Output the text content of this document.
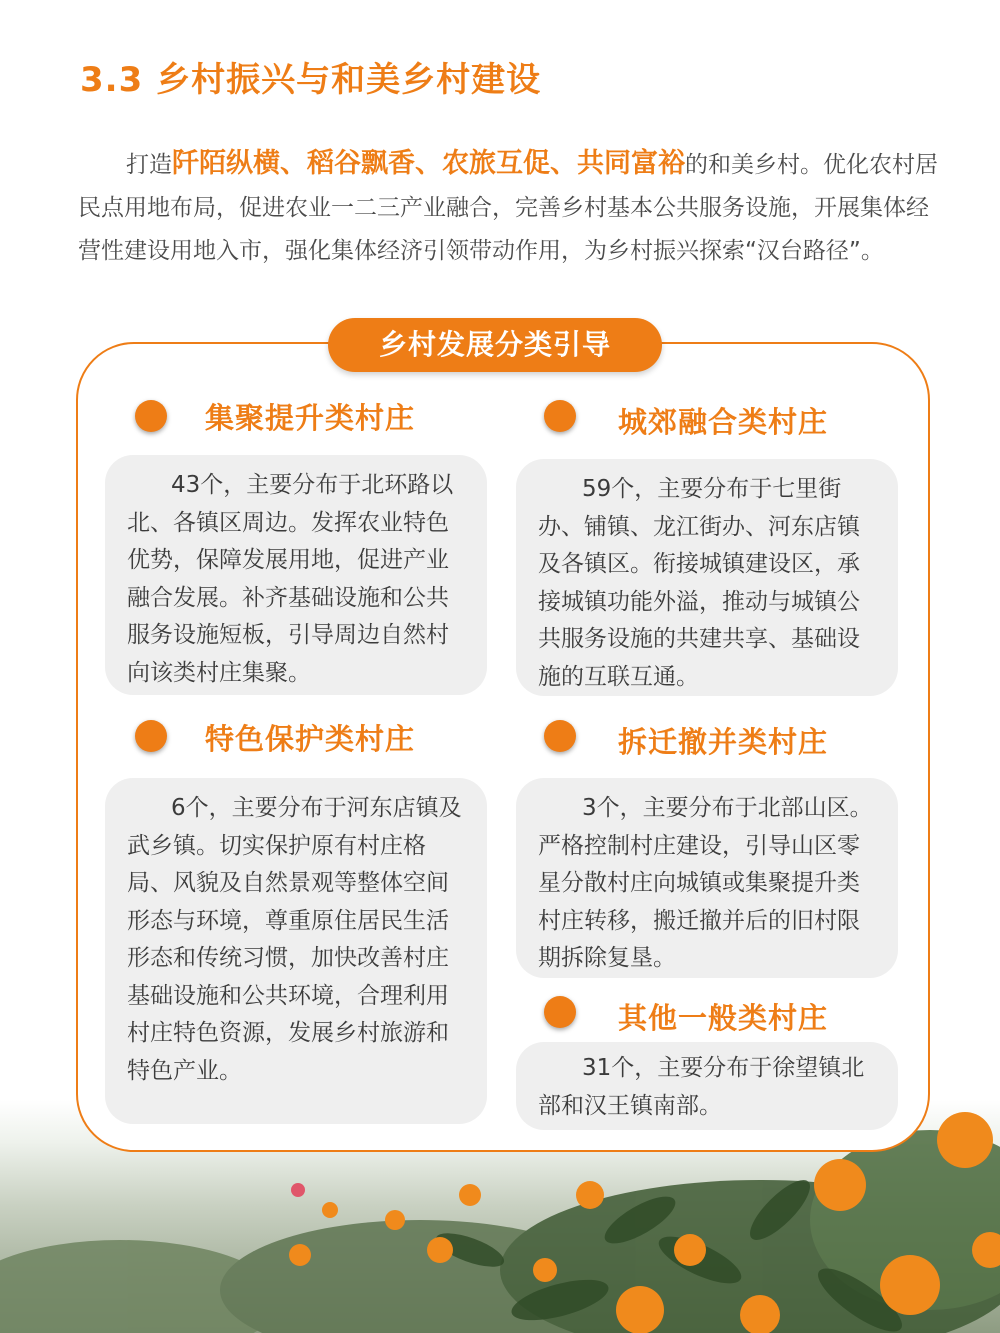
3.3 乡村振兴与和美乡村建设
打造阡陌纵横、稻谷飘香、农旅互促、共同富裕的和美乡村。优化农村居民点用地布局，促进农业一二三产业融合，完善乡村基本公共服务设施，开展集体经营性建设用地入市，强化集体经济引领带动作用，为乡村振兴探索“汉台路径”。
乡村发展分类引导
集聚提升类村庄
43个，主要分布于北环路以北、各镇区周边。发挥农业特色优势，保障发展用地，促进产业融合发展。补齐基础设施和公共服务设施短板，引导周边自然村向该类村庄集聚。
城郊融合类村庄
59个，主要分布于七里街办、铺镇、龙江街办、河东店镇及各镇区。衔接城镇建设区，承接城镇功能外溢，推动与城镇公共服务设施的共建共享、基础设施的互联互通。
特色保护类村庄
6个，主要分布于河东店镇及武乡镇。切实保护原有村庄格局、风貌及自然景观等整体空间形态与环境，尊重原住居民生活形态和传统习惯，加快改善村庄基础设施和公共环境，合理利用村庄特色资源，发展乡村旅游和特色产业。
拆迁撤并类村庄
3个，主要分布于北部山区。严格控制村庄建设，引导山区零星分散村庄向城镇或集聚提升类村庄转移，搬迁撤并后的旧村限期拆除复垦。
其他一般类村庄
31个，主要分布于徐望镇北部和汉王镇南部。
